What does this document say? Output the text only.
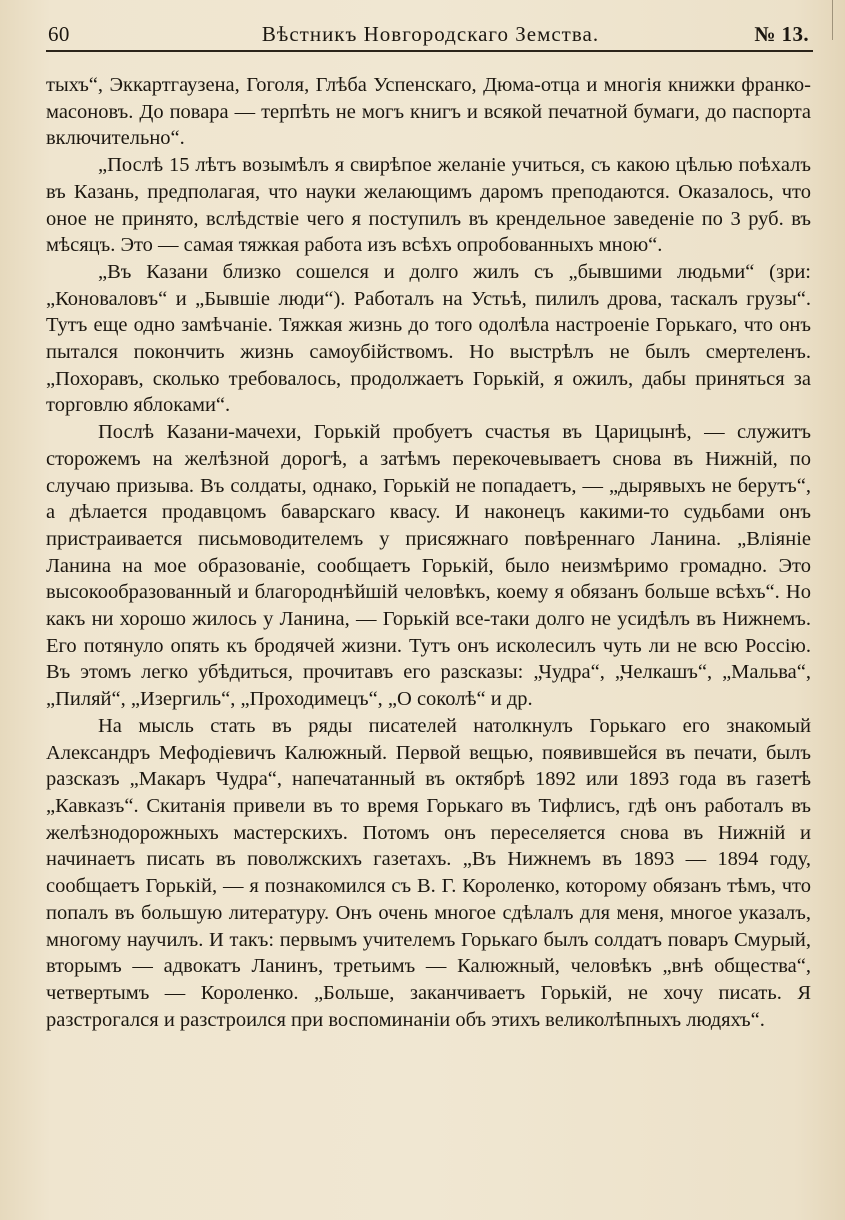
60	Вѣстникъ Новгородскаго Земства.	№ 13.

тыхъ“, Эккартгаузена, Гоголя, Глѣба Успенскаго, Дюма-отца и многія книжки франко-масоновъ. До повара — терпѣть не могъ книгъ и всякой печатной бумаги, до паспорта включительно“.

„Послѣ 15 лѣтъ возымѣлъ я свирѣпое желаніе учиться, съ какою цѣлью поѣхалъ въ Казань, предполагая, что науки желающимъ даромъ преподаются. Оказалось, что оное не принято, вслѣдствіе чего я поступилъ въ крендельное заведеніе по 3 руб. въ мѣсяцъ. Это — самая тяжкая работа изъ всѣхъ опробованныхъ мною“.

„Въ Казани близко сошелся и долго жилъ съ „бывшими людьми“ (зри: „Коноваловъ“ и „Бывшіе люди“). Работалъ на Устьѣ, пилилъ дрова, таскалъ грузы“. Тутъ еще одно замѣчаніе. Тяжкая жизнь до того одолѣла настроеніе Горькаго, что онъ пытался покончить жизнь самоубійствомъ. Но выстрѣлъ не былъ смертеленъ. „Похоравъ, сколько требовалось, продолжаетъ Горькій, я ожилъ, дабы приняться за торговлю яблоками“.

Послѣ Казани-мачехи, Горькій пробуетъ счастья въ Царицынѣ, — служитъ сторожемъ на желѣзной дорогѣ, а затѣмъ перекочевываетъ снова въ Нижній, по случаю призыва. Въ солдаты, однако, Горькій не попадаетъ, — „дырявыхъ не берутъ“, а дѣлается продавцомъ баварскаго квасу. И наконецъ какими-то судьбами онъ пристраивается письмоводителемъ у присяжнаго повѣреннаго Ланина. „Вліяніе Ланина на мое образованіе, сообщаетъ Горькій, было неизмѣримо громадно. Это высокообразованный и благороднѣйшій человѣкъ, коему я обязанъ больше всѣхъ“. Но какъ ни хорошо жилось у Ланина, — Горькій все-таки долго не усидѣлъ въ Нижнемъ. Его потянуло опять къ бродячей жизни. Тутъ онъ исколесилъ чуть ли не всю Россію. Въ этомъ легко убѣдиться, прочитавъ его разсказы: „Чудра“, „Челкашъ“, „Мальва“, „Пиляй“, „Изергиль“, „Проходимецъ“, „О соколѣ“ и др.

На мысль стать въ ряды писателей натолкнулъ Горькаго его знакомый Александръ Мефодіевичъ Калюжный. Первой вещью, появившейся въ печати, былъ разсказъ „Макаръ Чудра“, напечатанный въ октябрѣ 1892 или 1893 года въ газетѣ „Кавказъ“. Скитанія привели въ то время Горькаго въ Тифлисъ, гдѣ онъ работалъ въ желѣзнодорожныхъ мастерскихъ. Потомъ онъ переселяется снова въ Нижній и начинаетъ писать въ поволжскихъ газетахъ. „Въ Нижнемъ въ 1893 — 1894 году, сообщаетъ Горькій, — я познакомился съ В. Г. Короленко, которому обязанъ тѣмъ, что попалъ въ большую литературу. Онъ очень многое сдѣлалъ для меня, многое указалъ, многому научилъ. И такъ: первымъ учителемъ Горькаго былъ солдатъ поваръ Смурый, вторымъ — адвокатъ Ланинъ, третьимъ — Калюжный, человѣкъ „внѣ общества“, четвертымъ — Короленко. „Больше, заканчиваетъ Горькій, не хочу писать. Я разстрогался и разстроился при воспоминаніи объ этихъ великолѣпныхъ людяхъ“.
